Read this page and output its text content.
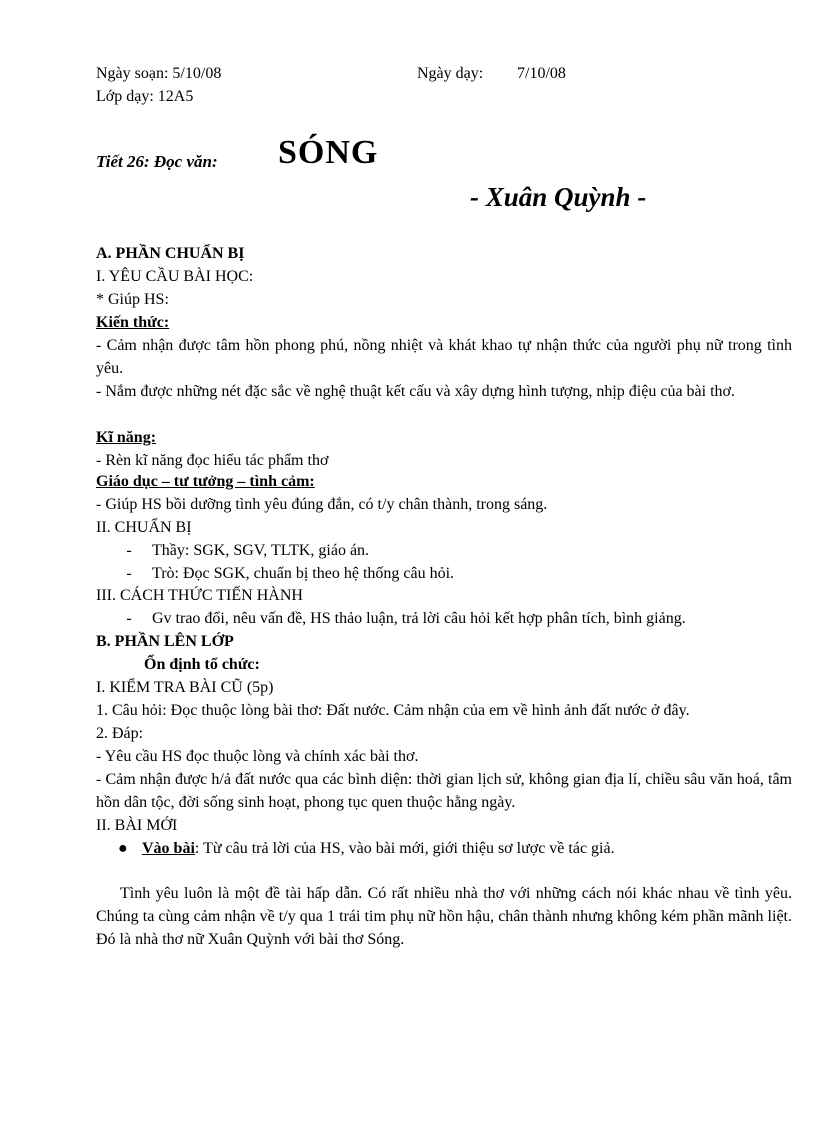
Ngày soạn: 5/10/08	Ngày dạy: 7/10/08
Lớp dạy: 12A5
Tiết 26: Đọc văn: SÓNG
- Xuân Quỳnh -
A. PHẦN CHUẨN BỊ
I. YÊU CẦU BÀI HỌC:
* Giúp HS:
Kiến thức:
- Cảm nhận được tâm hồn phong phú, nồng nhiệt và khát khao tự nhận thức của người phụ nữ trong tình yêu.
- Nắm được những nét đặc sắc về nghệ thuật kết cấu và xây dựng hình tượng, nhịp điệu của bài thơ.
Kĩ năng:
- Rèn kĩ năng đọc hiểu tác phẩm thơ
Giáo dục – tư tưởng – tình cảm:
- Giúp HS bồi dưỡng tình yêu đúng đắn, có t/y chân thành, trong sáng.
II. CHUẨN BỊ
- Thầy: SGK, SGV, TLTK, giáo án.
- Trò: Đọc SGK, chuẩn bị theo hệ thống câu hỏi.
III. CÁCH THỨC TIẾN HÀNH
- Gv trao đổi, nêu vấn đề, HS thảo luận, trả lời câu hỏi kết hợp phân tích, bình giảng.
B. PHẦN LÊN LỚP
Ổn định tổ chức:
I. KIỂM TRA BÀI CŨ (5p)
1. Câu hỏi: Đọc thuộc lòng bài thơ: Đất nước. Cảm nhận của em về hình ảnh đất nước ở đây.
2. Đáp:
- Yêu cầu HS đọc thuộc lòng và chính xác bài thơ.
- Cảm nhận được h/ả đất nước qua các bình diện: thời gian lịch sử, không gian địa lí, chiều sâu văn hoá, tâm hồn dân tộc, đời sống sinh hoạt, phong tục quen thuộc hằng ngày.
II. BÀI MỚI
● Vào bài: Từ câu trả lời của HS, vào bài mới, giới thiệu sơ lược về tác giả.
Tình yêu luôn là một đề tài hấp dẫn. Có rất nhiều nhà thơ với những cách nói khác nhau về tình yêu. Chúng ta cùng cảm nhận về t/y qua 1 trái tim phụ nữ hồn hậu, chân thành nhưng không kém phần mãnh liệt. Đó là nhà thơ nữ Xuân Quỳnh với bài thơ Sóng.
